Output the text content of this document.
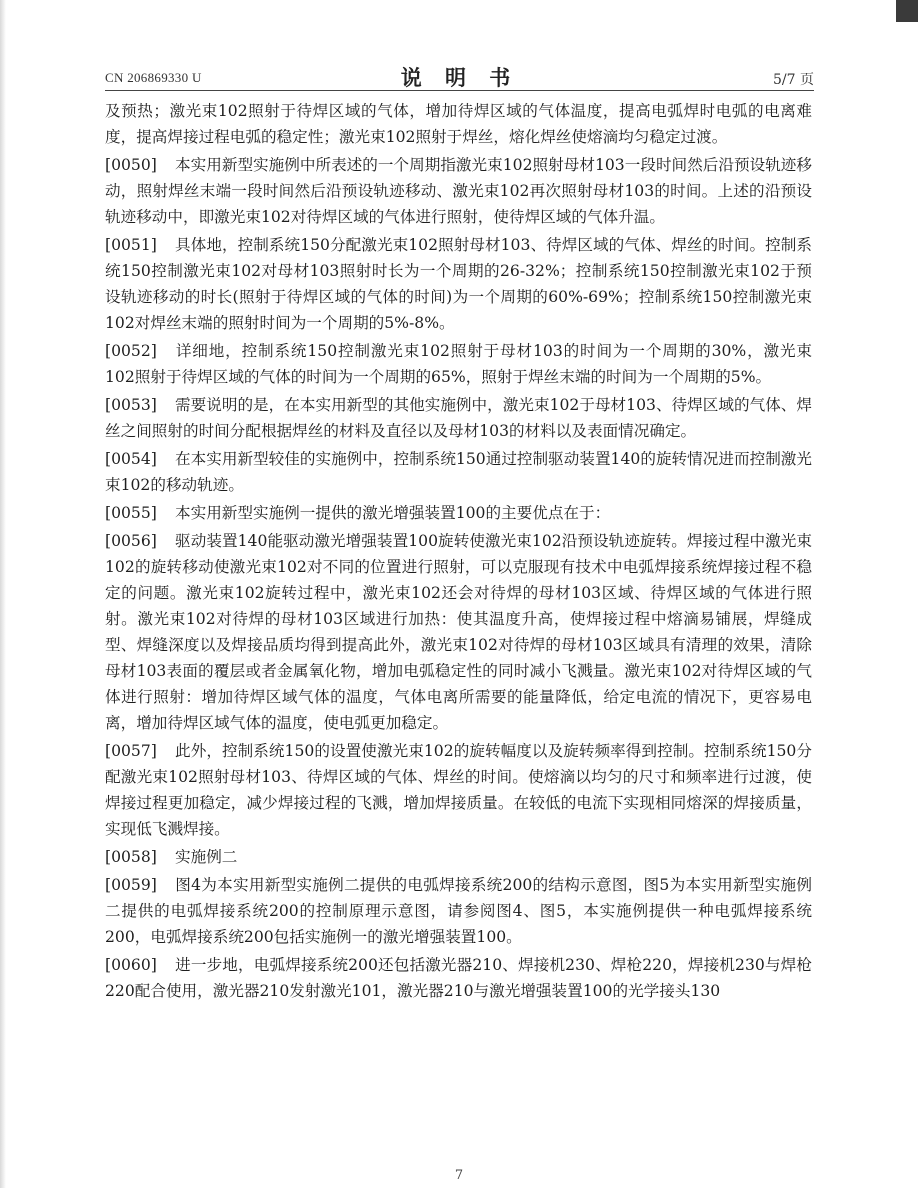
CN 206869330 U	说 明 书	5/7 页

及预热；激光束102照射于待焊区域的气体，增加待焊区域的气体温度，提高电弧焊时电弧的电离难度，提高焊接过程电弧的稳定性；激光束102照射于焊丝，熔化焊丝使熔滴均匀稳定过渡。

[0050] 本实用新型实施例中所表述的一个周期指激光束102照射母材103一段时间然后沿预设轨迹移动，照射焊丝末端一段时间然后沿预设轨迹移动、激光束102再次照射母材103的时间。上述的沿预设轨迹移动中，即激光束102对待焊区域的气体进行照射，使待焊区域的气体升温。

[0051] 具体地，控制系统150分配激光束102照射母材103、待焊区域的气体、焊丝的时间。控制系统150控制激光束102对母材103照射时长为一个周期的26-32%；控制系统150控制激光束102于预设轨迹移动的时长(照射于待焊区域的气体的时间)为一个周期的60%-69%；控制系统150控制激光束102对焊丝末端的照射时间为一个周期的5%-8%。

[0052] 详细地，控制系统150控制激光束102照射于母材103的时间为一个周期的30%，激光束102照射于待焊区域的气体的时间为一个周期的65%，照射于焊丝末端的时间为一个周期的5%。

[0053] 需要说明的是，在本实用新型的其他实施例中，激光束102于母材103、待焊区域的气体、焊丝之间照射的时间分配根据焊丝的材料及直径以及母材103的材料以及表面情况确定。

[0054] 在本实用新型较佳的实施例中，控制系统150通过控制驱动装置140的旋转情况进而控制激光束102的移动轨迹。

[0055] 本实用新型实施例一提供的激光增强装置100的主要优点在于：

[0056] 驱动装置140能驱动激光增强装置100旋转使激光束102沿预设轨迹旋转。焊接过程中激光束102的旋转移动使激光束102对不同的位置进行照射，可以克服现有技术中电弧焊接系统焊接过程不稳定的问题。激光束102旋转过程中，激光束102还会对待焊的母材103区域、待焊区域的气体进行照射。激光束102对待焊的母材103区域进行加热：使其温度升高，使焊接过程中熔滴易铺展，焊缝成型、焊缝深度以及焊接品质均得到提高此外，激光束102对待焊的母材103区域具有清理的效果，清除母材103表面的覆层或者金属氧化物，增加电弧稳定性的同时减小飞溅量。激光束102对待焊区域的气体进行照射：增加待焊区域气体的温度，气体电离所需要的能量降低，给定电流的情况下，更容易电离，增加待焊区域气体的温度，使电弧更加稳定。

[0057] 此外，控制系统150的设置使激光束102的旋转幅度以及旋转频率得到控制。控制系统150分配激光束102照射母材103、待焊区域的气体、焊丝的时间。使熔滴以均匀的尺寸和频率进行过渡，使焊接过程更加稳定，减少焊接过程的飞溅，增加焊接质量。在较低的电流下实现相同熔深的焊接质量，实现低飞溅焊接。

[0058] 实施例二

[0059] 图4为本实用新型实施例二提供的电弧焊接系统200的结构示意图，图5为本实用新型实施例二提供的电弧焊接系统200的控制原理示意图，请参阅图4、图5，本实施例提供一种电弧焊接系统200，电弧焊接系统200包括实施例一的激光增强装置100。

[0060] 进一步地，电弧焊接系统200还包括激光器210、焊接机230、焊枪220，焊接机230与焊枪220配合使用，激光器210发射激光101，激光器210与激光增强装置100的光学接头130

7
